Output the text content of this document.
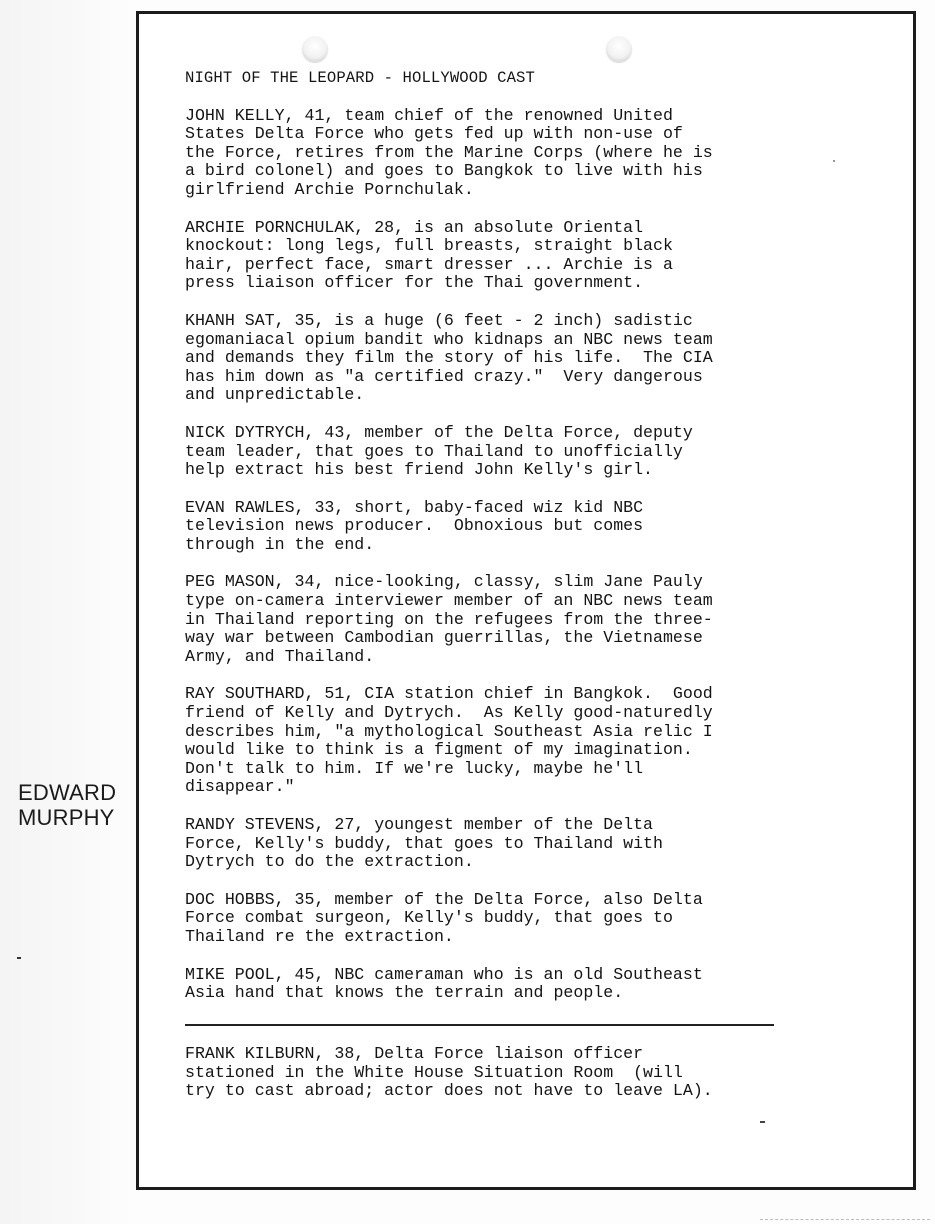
EDWARD
MURPHY
NIGHT OF THE LEOPARD - HOLLYWOOD CAST
JOHN KELLY, 41, team chief of the renowned United
States Delta Force who gets fed up with non-use of
the Force, retires from the Marine Corps (where he is
a bird colonel) and goes to Bangkok to live with his
girlfriend Archie Pornchulak.
ARCHIE PORNCHULAK, 28, is an absolute Oriental
knockout: long legs, full breasts, straight black
hair, perfect face, smart dresser ... Archie is a
press liaison officer for the Thai government.
KHANH SAT, 35, is a huge (6 feet - 2 inch) sadistic
egomaniacal opium bandit who kidnaps an NBC news team
and demands they film the story of his life.  The CIA
has him down as "a certified crazy."  Very dangerous
and unpredictable.
NICK DYTRYCH, 43, member of the Delta Force, deputy
team leader, that goes to Thailand to unofficially
help extract his best friend John Kelly's girl.
EVAN RAWLES, 33, short, baby-faced wiz kid NBC
television news producer.  Obnoxious but comes
through in the end.
PEG MASON, 34, nice-looking, classy, slim Jane Pauly
type on-camera interviewer member of an NBC news team
in Thailand reporting on the refugees from the three-
way war between Cambodian guerrillas, the Vietnamese
Army, and Thailand.
RAY SOUTHARD, 51, CIA station chief in Bangkok.  Good
friend of Kelly and Dytrych.  As Kelly good-naturedly
describes him, "a mythological Southeast Asia relic I
would like to think is a figment of my imagination.
Don't talk to him. If we're lucky, maybe he'll
disappear."
RANDY STEVENS, 27, youngest member of the Delta
Force, Kelly's buddy, that goes to Thailand with
Dytrych to do the extraction.
DOC HOBBS, 35, member of the Delta Force, also Delta
Force combat surgeon, Kelly's buddy, that goes to
Thailand re the extraction.
MIKE POOL, 45, NBC cameraman who is an old Southeast
Asia hand that knows the terrain and people.
FRANK KILBURN, 38, Delta Force liaison officer
stationed in the White House Situation Room  (will
try to cast abroad; actor does not have to leave LA).
